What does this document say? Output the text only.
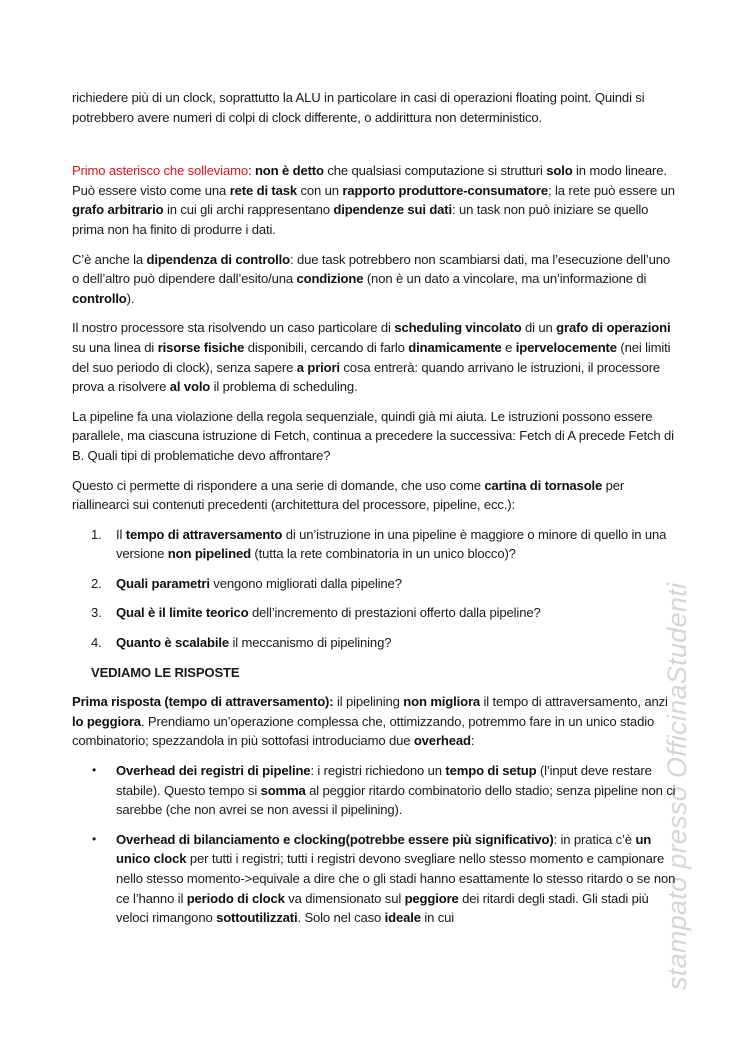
stampato presso OfficinaStudenti

richiedere più di un clock, soprattutto la ALU in particolare in casi di operazioni floating point. Quindi si potrebbero avere numeri di colpi di clock differente, o addirittura non deterministico.

Primo asterisco che solleviamo: non è detto che qualsiasi computazione si strutturi solo in modo lineare. Può essere visto come una rete di task con un rapporto produttore-consumatore; la rete può essere un grafo arbitrario in cui gli archi rappresentano dipendenze sui dati: un task non può iniziare se quello prima non ha finito di produrre i dati.

C’è anche la dipendenza di controllo: due task potrebbero non scambiarsi dati, ma l’esecuzione dell’uno o dell’altro può dipendere dall’esito/una condizione (non è un dato a vincolare, ma un’informazione di controllo).

Il nostro processore sta risolvendo un caso particolare di scheduling vincolato di un grafo di operazioni su una linea di risorse fisiche disponibili, cercando di farlo dinamicamente e ipervelocemente (nei limiti del suo periodo di clock), senza sapere a priori cosa entrerà: quando arrivano le istruzioni, il processore prova a risolvere al volo il problema di scheduling.

La pipeline fa una violazione della regola sequenziale, quindi già mi aiuta. Le istruzioni possono essere parallele, ma ciascuna istruzione di Fetch, continua a precedere la successiva: Fetch di A precede Fetch di B. Quali tipi di problematiche devo affrontare?

Questo ci permette di rispondere a una serie di domande, che uso come cartina di tornasole per riallinearci sui contenuti precedenti (architettura del processore, pipeline, ecc.):

1. Il tempo di attraversamento di un’istruzione in una pipeline è maggiore o minore di quello in una versione non pipelined (tutta la rete combinatoria in un unico blocco)?
2. Quali parametri vengono migliorati dalla pipeline?
3. Qual è il limite teorico dell’incremento di prestazioni offerto dalla pipeline?
4. Quanto è scalabile il meccanismo di pipelining?

VEDIAMO LE RISPOSTE

Prima risposta (tempo di attraversamento): il pipelining non migliora il tempo di attraversamento, anzi lo peggiora. Prendiamo un’operazione complessa che, ottimizzando, potremmo fare in un unico stadio combinatorio; spezzandola in più sottofasi introduciamo due overhead:

• Overhead dei registri di pipeline: i registri richiedono un tempo di setup (l’input deve restare stabile). Questo tempo si somma al peggior ritardo combinatorio dello stadio; senza pipeline non ci sarebbe (che non avrei se non avessi il pipelining).
• Overhead di bilanciamento e clocking(potrebbe essere più significativo): in pratica c’è un unico clock per tutti i registri; tutti i registri devono svegliare nello stesso momento e campionare nello stesso momento->equivale a dire che o gli stadi hanno esattamente lo stesso ritardo o se non ce l’hanno il periodo di clock va dimensionato sul peggiore dei ritardi degli stadi. Gli stadi più veloci rimangono sottoutilizzati. Solo nel caso ideale in cui
